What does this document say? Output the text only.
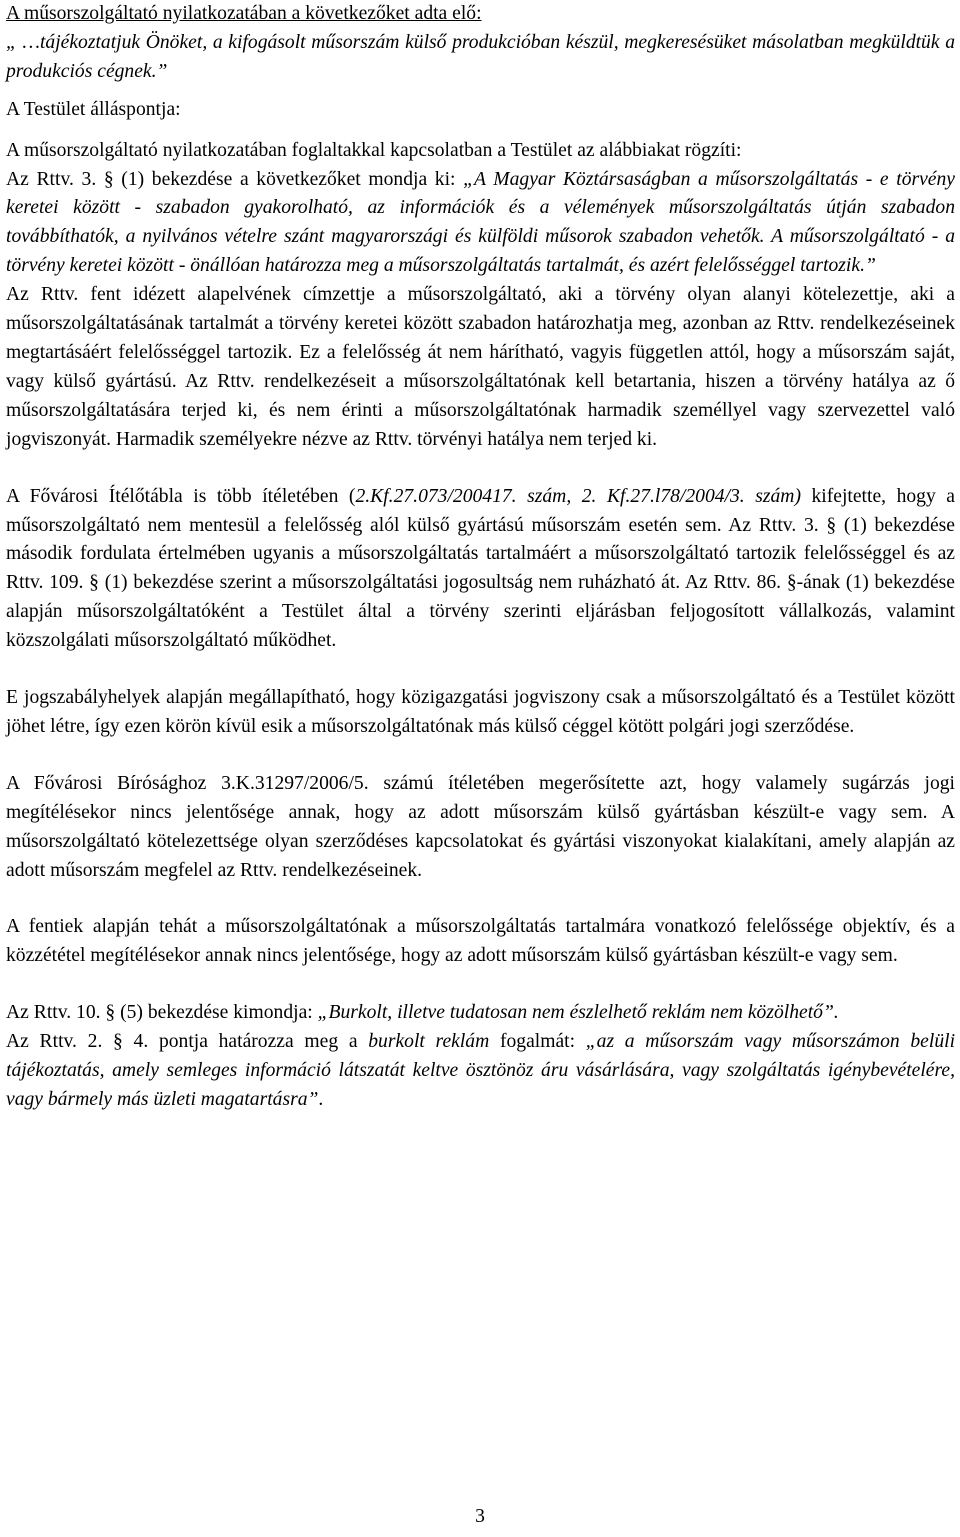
A műsorszolgáltató nyilatkozatában a következőket adta elő:

„ …tájékoztatjuk Önöket, a kifogásolt műsorszám külső produkcióban készül, megkeresésüket másolatban megküldtük a produkciós cégnek.”

A Testület álláspontja:

A műsorszolgáltató nyilatkozatában foglaltakkal kapcsolatban a Testület az alábbiakat rögzíti:

Az Rttv. 3. § (1) bekezdése a következőket mondja ki: „A Magyar Köztársaságban a műsorszolgáltatás - e törvény keretei között - szabadon gyakorolható, az információk és a vélemények műsorszolgáltatás útján szabadon továbbíthatók, a nyilvános vételre szánt magyarországi és külföldi műsorok szabadon vehetők. A műsorszolgáltató - a törvény keretei között - önállóan határozza meg a műsorszolgáltatás tartalmát, és azért felelősséggel tartozik.”

Az Rttv. fent idézett alapelvének címzettje a műsorszolgáltató, aki a törvény olyan alanyi kötelezettje, aki a műsorszolgáltatásának tartalmát a törvény keretei között szabadon határozhatja meg, azonban az Rttv. rendelkezéseinek megtartásáért felelősséggel tartozik. Ez a felelősség át nem hárítható, vagyis független attól, hogy a műsorszám saját, vagy külső gyártású. Az Rttv. rendelkezéseit a műsorszolgáltatónak kell betartania, hiszen a törvény hatálya az ő műsorszolgáltatására terjed ki, és nem érinti a műsorszolgáltatónak harmadik személlyel vagy szervezettel való jogviszonyát. Harmadik személyekre nézve az Rttv. törvényi hatálya nem terjed ki.

A Fővárosi Ítélőtábla is több ítéletében (2.Kf.27.073/200417. szám, 2. Kf.27.l78/2004/3. szám) kifejtette, hogy a műsorszolgáltató nem mentesül a felelősség alól külső gyártású műsorszám esetén sem. Az Rttv. 3. § (1) bekezdése második fordulata értelmében ugyanis a műsorszolgáltatás tartalmáért a műsorszolgáltató tartozik felelősséggel és az Rttv. 109. § (1) bekezdése szerint a műsorszolgáltatási jogosultság nem ruházható át. Az Rttv. 86. §-ának (1) bekezdése alapján műsorszolgáltatóként a Testület által a törvény szerinti eljárásban feljogosított vállalkozás, valamint közszolgálati műsorszolgáltató működhet.

E jogszabályhelyek alapján megállapítható, hogy közigazgatási jogviszony csak a műsorszolgáltató és a Testület között jöhet létre, így ezen körön kívül esik a műsorszolgáltatónak más külső céggel kötött polgári jogi szerződése.

A Fővárosi Bírósághoz 3.K.31297/2006/5. számú ítéletében megerősítette azt, hogy valamely sugárzás jogi megítélésekor nincs jelentősége annak, hogy az adott műsorszám külső gyártásban készült-e vagy sem. A műsorszolgáltató kötelezettsége olyan szerződéses kapcsolatokat és gyártási viszonyokat kialakítani, amely alapján az adott műsorszám megfelel az Rttv. rendelkezéseinek.

A fentiek alapján tehát a műsorszolgáltatónak a műsorszolgáltatás tartalmára vonatkozó felelőssége objektív, és a közzététel megítélésekor annak nincs jelentősége, hogy az adott műsorszám külső gyártásban készült-e vagy sem.

Az Rttv. 10. § (5) bekezdése kimondja: „Burkolt, illetve tudatosan nem észlelhető reklám nem közölhető”.

Az Rttv. 2. § 4. pontja határozza meg a burkolt reklám fogalmát: „az a műsorszám vagy műsorszámon belüli tájékoztatás, amely semleges információ látszatát keltve ösztönöz áru vásárlására, vagy szolgáltatás igénybevételére, vagy bármely más üzleti magatartásra”.

3
